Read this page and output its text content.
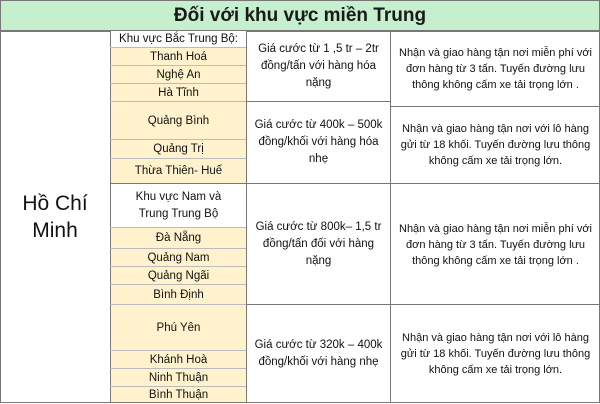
Đối với khu vực miền Trung
Hồ Chí Minh
Khu vực Bắc Trung Bộ:
Thanh Hoá
Nghệ An
Hà Tĩnh
Quảng Bình
Quảng Trị
Thừa Thiên- Huế
Giá cước từ 1 ,5 tr – 2tr đồng/tấn với hàng hóa nặng
Giá cước từ 400k – 500k đồng/khối với hàng hóa nhẹ
Nhận và giao hàng tận nơi miễn phí với đơn hàng từ 3 tấn. Tuyến đường lưu thông không cấm xe tải trọng lớn .
Nhận và giao hàng tận nơi với lô hàng gửi từ 18 khối. Tuyến đường lưu thông không cấm xe tải trọng lớn.
Khu vực Nam và Trung Trung Bộ
Đà Nẵng
Quảng Nam
Quảng Ngãi
Bình Định
Phú Yên
Khánh Hoà
Ninh Thuận
Bình Thuận
Giá cước từ 800k– 1,5 tr đồng/tấn đối với hàng nặng
Giá cước từ 320k – 400k đồng/khối với hàng nhẹ
Nhận và giao hàng tận nơi miễn phí với đơn hàng từ 3 tấn. Tuyến đường lưu thông không cấm xe tải trọng lớn .
Nhận và giao hàng tận nơi với lô hàng gửi từ 18 khối. Tuyến đường lưu thông không cấm xe tải trọng lớn.
